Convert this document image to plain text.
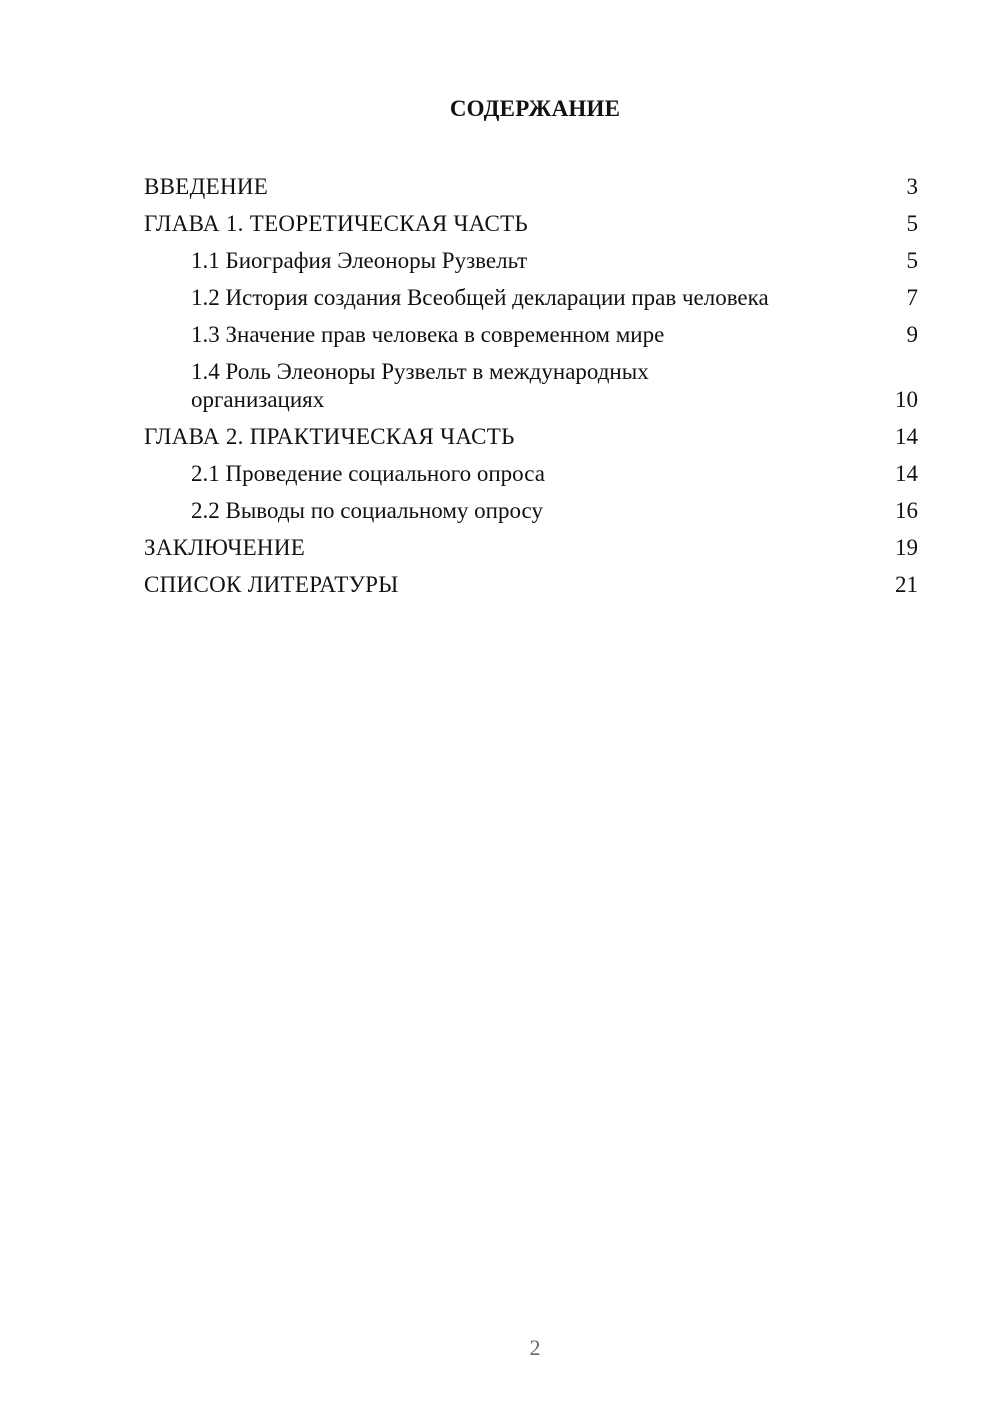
СОДЕРЖАНИЕ
ВВЕДЕНИЕ	3
ГЛАВА 1. ТЕОРЕТИЧЕСКАЯ ЧАСТЬ	5
1.1 Биография Элеоноры Рузвельт	5
1.2 История создания Всеобщей декларации прав человека	7
1.3 Значение прав человека в современном мире	9
1.4 Роль Элеоноры Рузвельт в международных организациях	10
ГЛАВА 2. ПРАКТИЧЕСКАЯ ЧАСТЬ	14
2.1 Проведение социального опроса	14
2.2 Выводы по социальному опросу	16
ЗАКЛЮЧЕНИЕ	19
СПИСОК ЛИТЕРАТУРЫ	21
2
